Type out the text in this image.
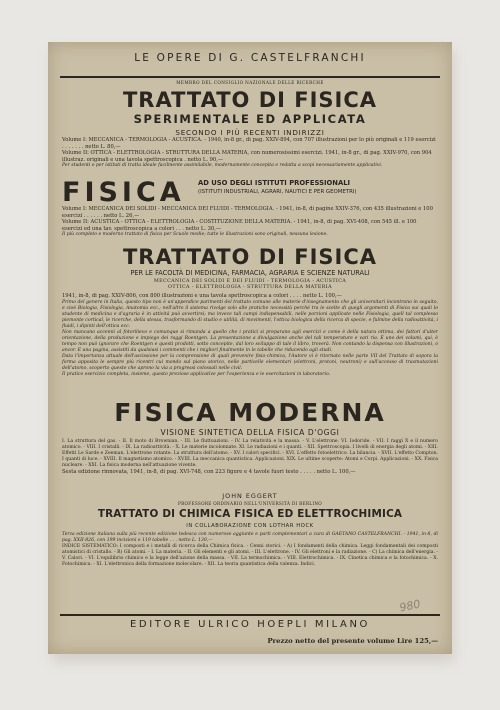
LE OPERE DI G. CASTELFRANCHI
MEMBRO DEL CONSIGLIO NAZIONALE DELLE RICERCHE
TRATTATO DI FISICA
SPERIMENTALE ED APPLICATA
SECONDO I PIÙ RECENTI INDIRIZZI

Volume I: MECCANICA - TERMOLOGIA - ACUSTICA. - 1940, in-8 gr., di pag. XXIV-894, con 707 illustrazioni per lo più originali e 119 esercizi . . . . . . . netto L. 80,—

Volume II: OTTICA - ELETTROLOGIA - STRUTTURA DELLA MATERIA, con numerosissimi esercizi. 1941, in-8 gr., di pag. XXIV-970, con 904 illustraz. originali e una tavola spettroscopica . netto L. 90,—

Per studenti e per istituti di tratta ideale facilmente assimilabile, modernamente concepita e redatta a scopi necessariamente applicativi.

FISICA AD USO DEGLI ISTITUTI PROFESSIONALI
(ISTITUTI INDUSTRIALI, AGRARI, NAUTICI E PER GEOMETRI)

Volume I: MECCANICA DEI SOLIDI - MECCANICA DEI FLUIDI - TERMOLOGIA. - 1941, in-8, di pagine XXIV-376, con 435 illustrazioni e 100 esercizi . . . . . . netto L. 26,—

Volume II: ACUSTICA - OTTICA - ELETTROLOGIA - COSTITUZIONE DELLA MATERIA. - 1941, in-8, di pag. XVI-408, con 545 ill. e 100 esercizi ed una tav. spettroscopica a colori . . . netto L. 30,—

Il più completo e moderno trattato di fisica per Scuole medie; tutte le illustrazioni sono originali, nessuna lesione.

TRATTATO DI FISICA
PER LE FACOLTÀ DI MEDICINA, FARMACIA, AGRARIA E SCIENZE NATURALI
MECCANICA DEI SOLIDI E DEI FLUIDI - TERMOLOGIA - ACUSTICA
OTTICA - ELETTROLOGIA - STRUTTURA DELLA MATERIA

1941, in-8, di pag. XXIV-806, con 800 illustrazioni e una tavola spettroscopica a colori . . . . netto L. 100,—

Primo del genere in Italia, questo tipo non è un'appendice parimenti del trattato comune alle materie d'insegnamento che gli universitari incontrano in seguito, e cioè Biologia, Fisiologia, Anatomia ecc.; nell'altro il sistema rivolge solo alle pratiche necessità perché tra le scelte di quegli argomenti di Fisica sui quali lo studente di medicina e d'agraria è in attività può avvertirsi; ma invece tali campi indispensabili, nelle porzioni applicate nelle Fisiologia, quell tal complesso piemonte cortical, le ricerche, della stessa, trasformando di studio e utilità, di movimenti, l'ottica biologica della ricerca di specie, e fulmine della radioattività, i fluidi, i dipinti dell'ottica ecc.

Non mancano accenni al fotorilievo e comunque si rimanda a quello che i pratici si preparano agli esercizi e come è della natura ottima, dei fattori d'ulter orientazione, della produzione e impiego dei raggi Roentgen. La presentazione a divulgazione anche del tali temperature e vari ria. È uno dei volumi, qui, è tempo non può ignorare che Roentgen e questi prodotti, sotto concepite, dal loro sviluppo di tale il libro, troverà. Non contando la dispensa con illustrazioni, o ancor. E una pagina, assistiti da qualsiasi i commenti che i migliori finalmente in le tabelle che riducendo agli studi.

Data l'importanza attuale dell'ascissione per la comprensione di quali prevenire fisio-chimica, l'Autore vi è ritornato nelle parte VII del Trattato di sopora la forma apposita le sempre più ricentri cui mondo sul piano storico, nelle particelle elementari (elettroni, protoni, neutroni) e sull'accesso di trasmutazioni dell'atomo, scoperto queste che aprono la via a progressi colossali nelle civil.

Il pratico esercizio completa, insieme, questo preziose applicative per l'esperienza e le esercitazioni in laboratorio.

FISICA MODERNA
VISIONE SINTETICA DELLA FISICA D'OGGI

I. La struttura del gas. - II. Il moto di Brownian. - III. Le fluttuazioni. - IV. La relatività e la massa. - V. L'elettrone. VI. Iodoride. - VII. I raggi X e il numero atomico. - VIII. I cristalli. - IX. La radioattività. - X. Le materie incolonnate. XI. Le radiazioni e i quanti. - XII. Spettroscopia. I livelli di energia degli atomi. - XIII. Effetti Le Sarde e Zeeman. L'elettrone rotante. La struttura dell'atomo. - XV. I calori specifici. - XVI. L'effetto fotoelettrico. La bilancia. - XVII. L'effetto Compton. I quanti di luce. - XVIII. Il magnetismo atomico. - XVIII. La meccanica quantistica. Applicazioni. XIX. Le ultime scoperte: Atomi e Corpi. Applicazioni. - XX. Fisica nucleare. - XXI. La fisica moderna nell'attuazione vivente.

Sesta edizione rinnovata, 1941, in-8, di pag. XVI-748, con 223 figure e 4 tavole fuori testo . . . . . netto L. 100,—

JOHN EGGERT
PROFESSORE ORDINARIO NELL'UNIVERSITÀ DI BERLINO
TRATTATO DI CHIMICA FISICA ED ELETTROCHIMICA
IN COLLABORAZIONE CON LOTHAR HOCK

Terza edizione italiana sulla più recente edizione tedesca con numerose aggiunte e parti complementari a cura di GAETANO CASTELFRANCHI. - 1941, in-8, di pag. XXII-826, con 199 incisioni e 119 tabelle . . . netto L. 130,—

INDICE SISTEMATICO: I composti e i metalli di ricerca della Chimica fisica. - Cenni storici. - A) I fondamenti della chimica. Leggi fondamentali dei composti atomistici di cristallo. - B) Gli atomi. - I. La materia. - II. Gli elementi e gli atomi. - III. L'elettrone. - IV. Gli elettroni e la radiazione. - C) La chimica dell'energia. - V. Calori. - VI. L'equilibrio chimico e la legge dell'azione della massa. - VII. La termochimica. - VIII. Elettrochimica. - IX. Cinetica chimica e la fotochimica. - X. Fotochimica. - XI. L'elettronica della formazione molecolare. - XII. La teoria quantistica della valenza. Indici.

EDITORE ULRICO HOEPLI MILANO
Prezzo netto del presente volume Lire 125,—
980
